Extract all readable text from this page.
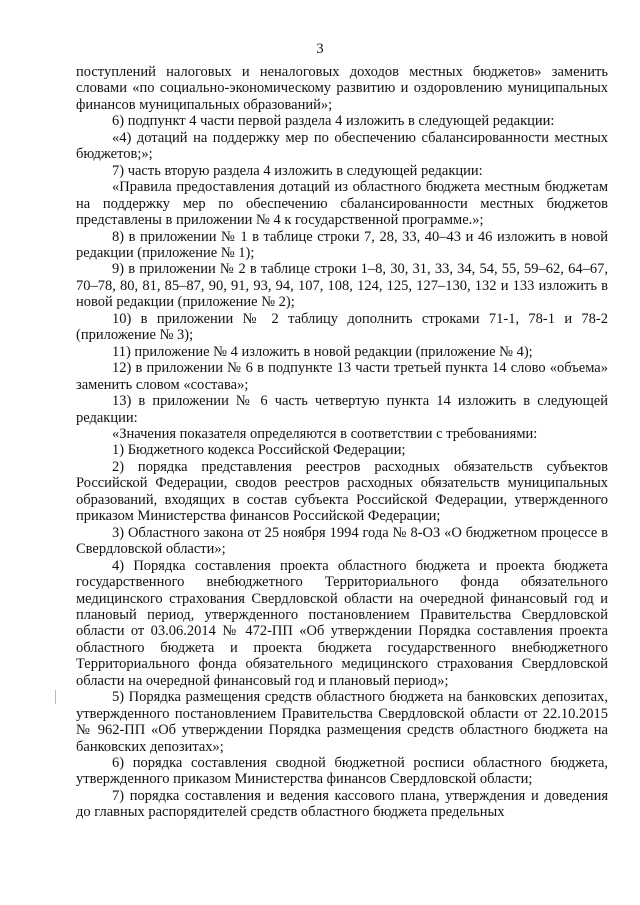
3

поступлений налоговых и неналоговых доходов местных бюджетов» заменить словами «по социально-экономическому развитию и оздоровлению муниципальных финансов муниципальных образований»;

6) подпункт 4 части первой раздела 4 изложить в следующей редакции:

«4) дотаций на поддержку мер по обеспечению сбалансированности местных бюджетов;»;

7) часть вторую раздела 4 изложить в следующей редакции:

«Правила предоставления дотаций из областного бюджета местным бюджетам на поддержку мер по обеспечению сбалансированности местных бюджетов представлены в приложении № 4 к государственной программе.»;

8) в приложении № 1 в таблице строки 7, 28, 33, 40–43 и 46 изложить в новой редакции (приложение № 1);

9) в приложении № 2 в таблице строки 1–8, 30, 31, 33, 34, 54, 55, 59–62, 64–67, 70–78, 80, 81, 85–87, 90, 91, 93, 94, 107, 108, 124, 125, 127–130, 132 и 133 изложить в новой редакции (приложение № 2);

10) в приложении № 2 таблицу дополнить строками 71-1, 78-1 и 78-2 (приложение № 3);

11) приложение № 4 изложить в новой редакции (приложение № 4);

12) в приложении № 6 в подпункте 13 части третьей пункта 14 слово «объема» заменить словом «состава»;

13) в приложении № 6 часть четвертую пункта 14 изложить в следующей редакции:

«Значения показателя определяются в соответствии с требованиями:

1) Бюджетного кодекса Российской Федерации;

2) порядка представления реестров расходных обязательств субъектов Российской Федерации, сводов реестров расходных обязательств муниципальных образований, входящих в состав субъекта Российской Федерации, утвержденного приказом Министерства финансов Российской Федерации;

3) Областного закона от 25 ноября 1994 года № 8-ОЗ «О бюджетном процессе в Свердловской области»;

4) Порядка составления проекта областного бюджета и проекта бюджета государственного внебюджетного Территориального фонда обязательного медицинского страхования Свердловской области на очередной финансовый год и плановый период, утвержденного постановлением Правительства Свердловской области от 03.06.2014 № 472-ПП «Об утверждении Порядка составления проекта областного бюджета и проекта бюджета государственного внебюджетного Территориального фонда обязательного медицинского страхования Свердловской области на очередной финансовый год и плановый период»;

5) Порядка размещения средств областного бюджета на банковских депозитах, утвержденного постановлением Правительства Свердловской области от 22.10.2015 № 962-ПП «Об утверждении Порядка размещения средств областного бюджета на банковских депозитах»;

6) порядка составления сводной бюджетной росписи областного бюджета, утвержденного приказом Министерства финансов Свердловской области;

7) порядка составления и ведения кассового плана, утверждения и доведения до главных распорядителей средств областного бюджета предельных
